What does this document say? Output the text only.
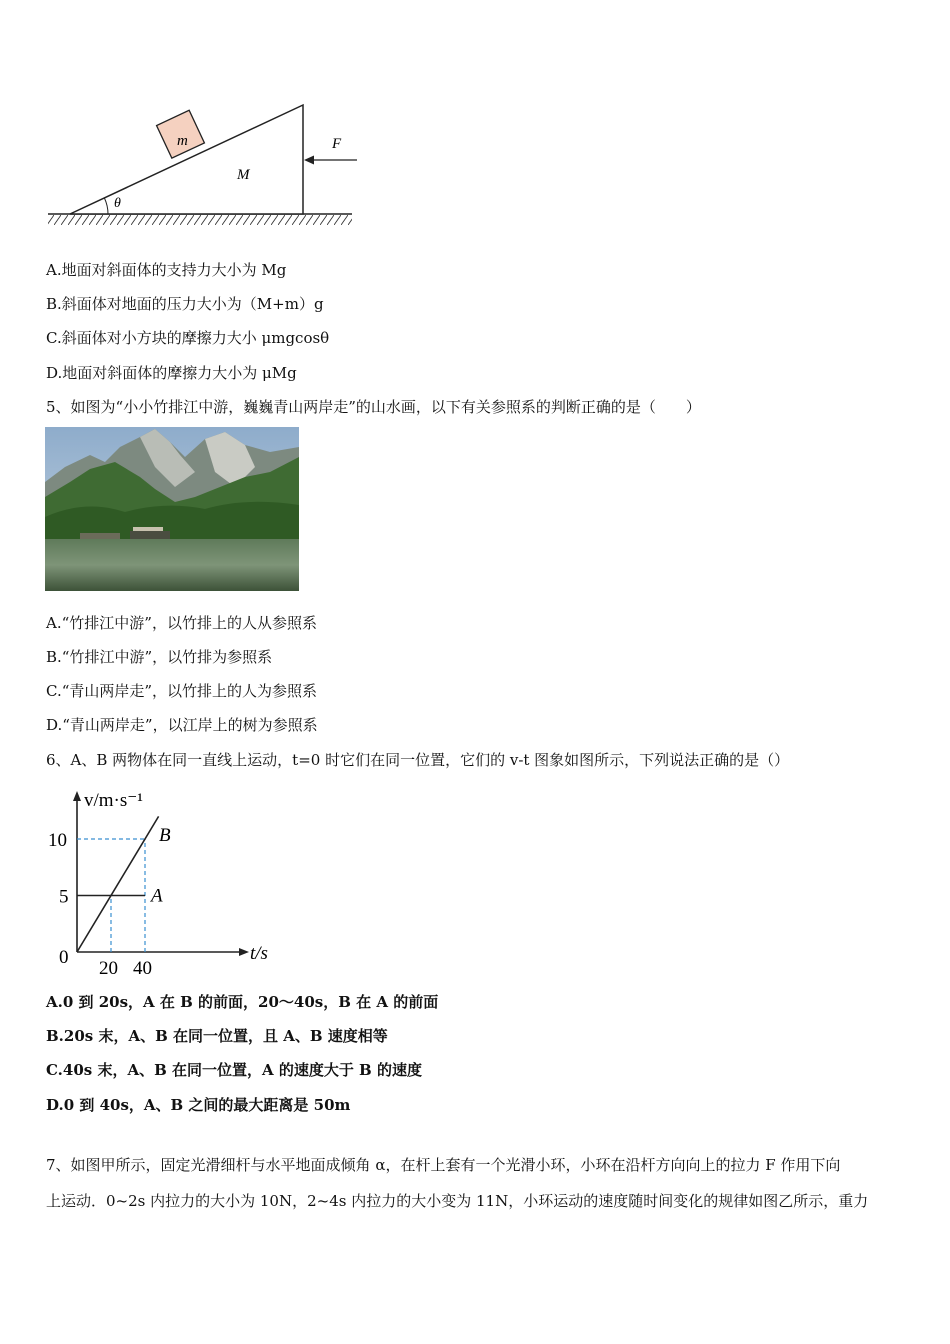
m
M
F
θ
A.地面对斜面体的支持力大小为 Mg
B.斜面体对地面的压力大小为（M+m）g
C.斜面体对小方块的摩擦力大小 μmgcosθ
D.地面对斜面体的摩擦力大小为 μMg
5、如图为“小小竹排江中游，巍巍青山两岸走”的山水画，以下有关参照系的判断正确的是（　　）
A.“竹排江中游”，以竹排上的人从参照系
B.“竹排江中游”，以竹排为参照系
C.“青山两岸走”，以竹排上的人为参照系
D.“青山两岸走”，以江岸上的树为参照系
6、A、B 两物体在同一直线上运动，t=0 时它们在同一位置，它们的 v-t 图象如图所示，下列说法正确的是（）
20 40
5
10
A
B
v/m·s⁻¹
t/s
0
A.0 到 20s，A 在 B 的前面，20～40s，B 在 A 的前面
B.20s 末，A、B 在同一位置，且 A、B 速度相等
C.40s 末，A、B 在同一位置，A 的速度大于 B 的速度
D.0 到 40s，A、B 之间的最大距离是 50m
7、如图甲所示，固定光滑细杆与水平地面成倾角 α，在杆上套有一个光滑小环，小环在沿杆方向向上的拉力 F 作用下向
上运动．0~2s 内拉力的大小为 10N，2~4s 内拉力的大小变为 11N，小环运动的速度随时间变化的规律如图乙所示，重力
